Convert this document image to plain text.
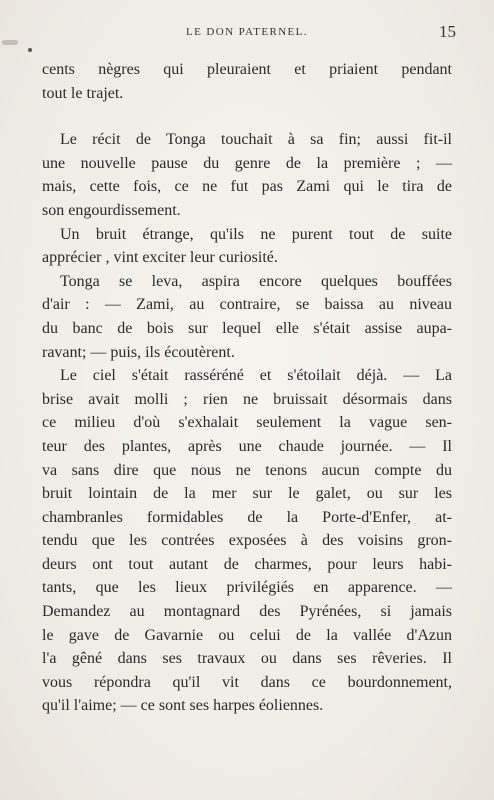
LE DON PATERNEL.	15
cents nègres qui pleuraient et priaient pendant
tout le trajet.
Le récit de Tonga touchait à sa fin; aussi fit-il
une nouvelle pause du genre de la première ; —
mais, cette fois, ce ne fut pas Zami qui le tira de
son engourdissement.
Un bruit étrange, qu'ils ne purent tout de suite
apprécier , vint exciter leur curiosité.
Tonga se leva, aspira encore quelques bouffées
d'air : — Zami, au contraire, se baissa au niveau
du banc de bois sur lequel elle s'était assise aupa-
ravant; — puis, ils écoutèrent.
Le ciel s'était rasséréné et s'étoilait déjà. — La
brise avait molli ; rien ne bruissait désormais dans
ce milieu d'où s'exhalait seulement la vague sen-
teur des plantes, après une chaude journée. — Il
va sans dire que nous ne tenons aucun compte du
bruit lointain de la mer sur le galet, ou sur les
chambranles formidables de la Porte-d'Enfer, at-
tendu que les contrées exposées à des voisins gron-
deurs ont tout autant de charmes, pour leurs habi-
tants, que les lieux privilégiés en apparence. —
Demandez au montagnard des Pyrénées, si jamais
le gave de Gavarnie ou celui de la vallée d'Azun
l'a gêné dans ses travaux ou dans ses rêveries. Il
vous répondra qu'il vit dans ce bourdonnement,
qu'il l'aime; — ce sont ses harpes éoliennes.
